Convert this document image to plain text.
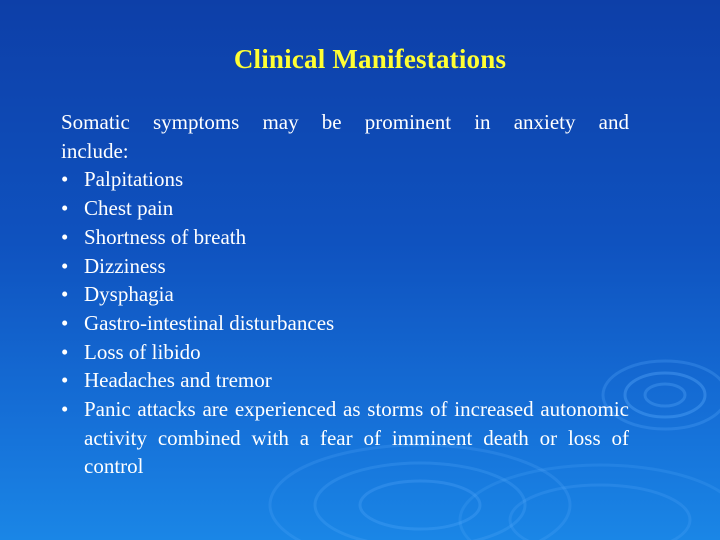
Clinical Manifestations

Somatic symptoms may be prominent in anxiety and
include:

• Palpitations
• Chest pain
• Shortness of breath
• Dizziness
• Dysphagia
• Gastro-intestinal disturbances
• Loss of libido
• Headaches and tremor
• Panic attacks are experienced as storms of increased autonomic activity combined with a fear of imminent death or loss of control
